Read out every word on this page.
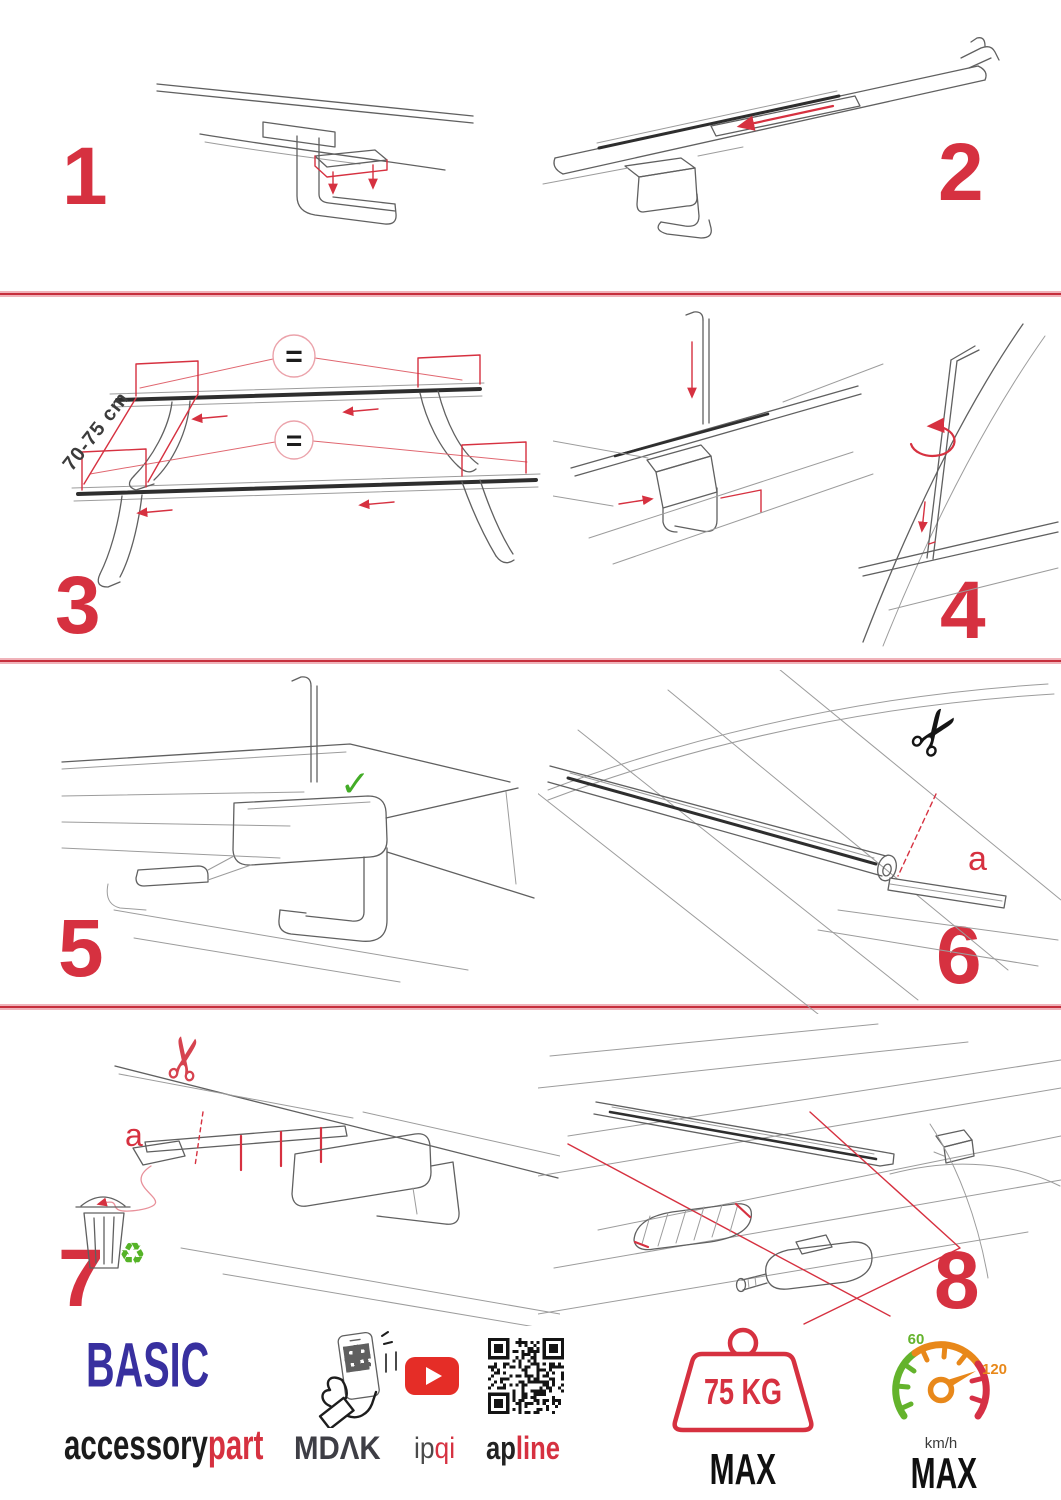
1	2
3	4
5	6
7	8
=
=
70-75 cm
✓
✂
a
✂
a
♻
BASIC
accessorypart MDΛK ipqi apline
75 KG
MAX
60
120
km/h
MAX
